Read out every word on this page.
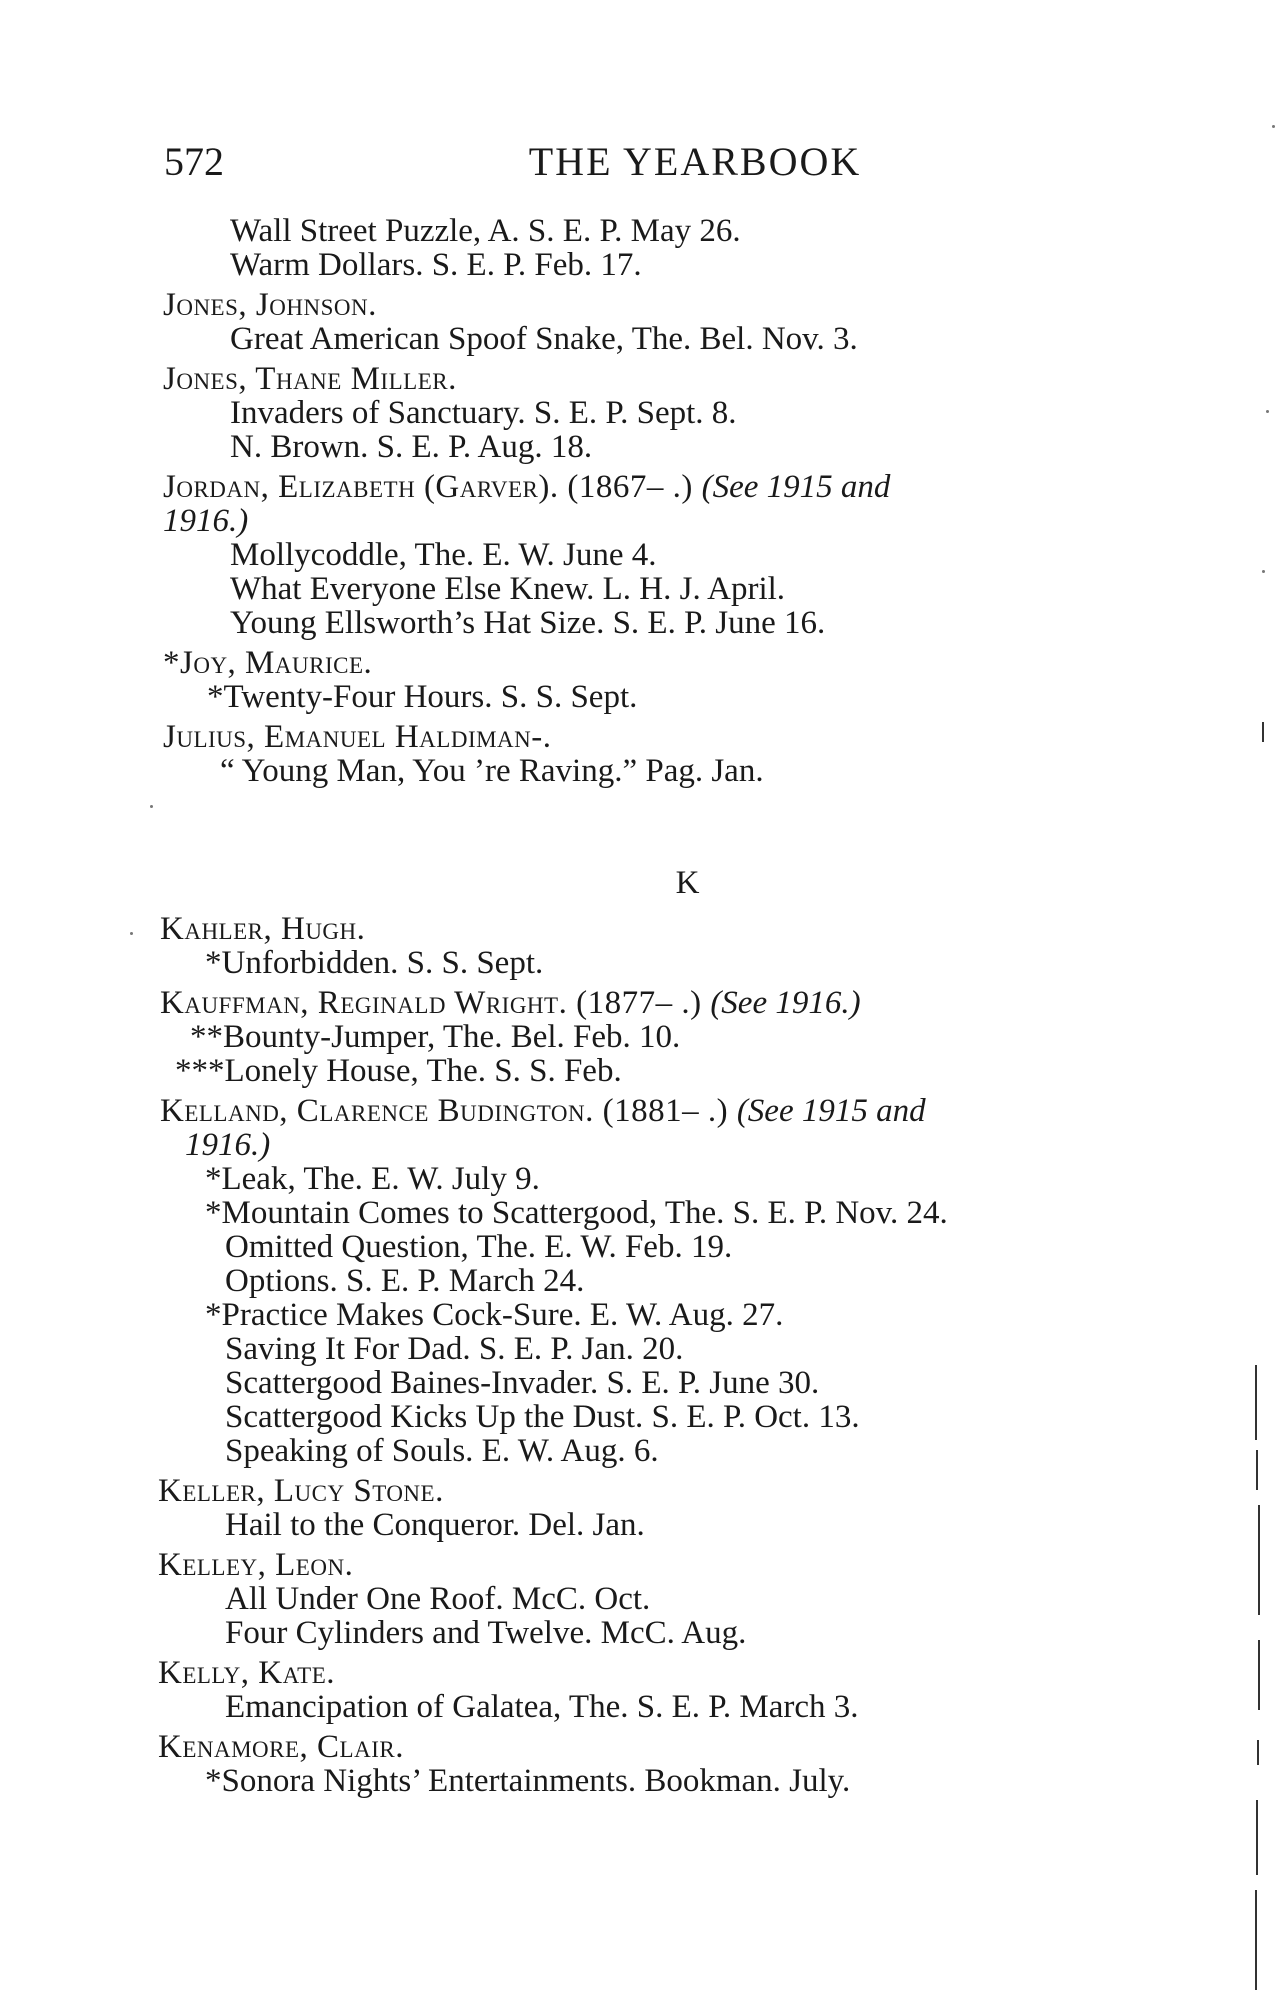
572	THE YEARBOOK
Wall Street Puzzle, A. S. E. P. May 26.
Warm Dollars. S. E. P. Feb. 17.
Jones, Johnson.
Great American Spoof Snake, The. Bel. Nov. 3.
Jones, Thane Miller.
Invaders of Sanctuary. S. E. P. Sept. 8.
N. Brown. S. E. P. Aug. 18.
Jordan, Elizabeth (Garver). (1867– .) (See 1915 and
1916.)
Mollycoddle, The. E. W. June 4.
What Everyone Else Knew. L. H. J. April.
Young Ellsworth’s Hat Size. S. E. P. June 16.
*Joy, Maurice.
*Twenty-Four Hours. S. S. Sept.
Julius, Emanuel Haldiman-.
“ Young Man, You ’re Raving.” Pag. Jan.
K
Kahler, Hugh.
*Unforbidden. S. S. Sept.
Kauffman, Reginald Wright. (1877– .) (See 1916.)
**Bounty-Jumper, The. Bel. Feb. 10.
***Lonely House, The. S. S. Feb.
Kelland, Clarence Budington. (1881– .) (See 1915 and
1916.)
*Leak, The. E. W. July 9.
*Mountain Comes to Scattergood, The. S. E. P. Nov. 24.
Omitted Question, The. E. W. Feb. 19.
Options. S. E. P. March 24.
*Practice Makes Cock-Sure. E. W. Aug. 27.
Saving It For Dad. S. E. P. Jan. 20.
Scattergood Baines-Invader. S. E. P. June 30.
Scattergood Kicks Up the Dust. S. E. P. Oct. 13.
Speaking of Souls. E. W. Aug. 6.
Keller, Lucy Stone.
Hail to the Conqueror. Del. Jan.
Kelley, Leon.
All Under One Roof. McC. Oct.
Four Cylinders and Twelve. McC. Aug.
Kelly, Kate.
Emancipation of Galatea, The. S. E. P. March 3.
Kenamore, Clair.
*Sonora Nights’ Entertainments. Bookman. July.
